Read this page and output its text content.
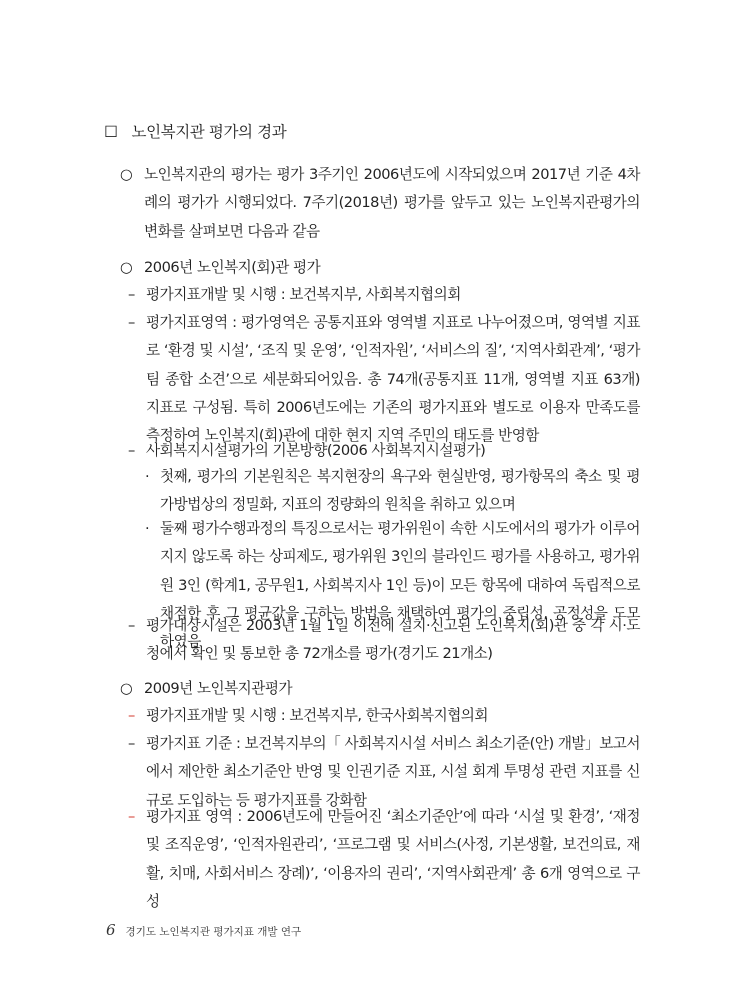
☐ 노인복지관 평가의 경과
○ 노인복지관의 평가는 평가 3주기인 2006년도에 시작되었으며 2017년 기준 4차례의 평가가 시행되었다. 7주기(2018년) 평가를 앞두고 있는 노인복지관평가의 변화를 살펴보면 다음과 같음
○ 2006년 노인복지(회)관 평가
– 평가지표개발 및 시행 : 보건복지부, 사회복지협의회
– 평가지표영역 : 평가영역은 공통지표와 영역별 지표로 나누어졌으며, 영역별 지표로 ‘환경 및 시설’, ‘조직 및 운영’, ‘인적자원’, ‘서비스의 질’, ‘지역사회관계’, ‘평가팀 종합 소견’으로 세분화되어있음. 총 74개(공통지표 11개, 영역별 지표 63개) 지표로 구성됨. 특히 2006년도에는 기존의 평가지표와 별도로 이용자 만족도를 측정하여 노인복지(회)관에 대한 현지 지역 주민의 태도를 반영함
– 사회복지시설평가의 기본방향(2006 사회복지시설평가)
· 첫째, 평가의 기본원칙은 복지현장의 욕구와 현실반영, 평가항목의 축소 및 평가방법상의 정밀화, 지표의 정량화의 원칙을 취하고 있으며
· 둘째 평가수행과정의 특징으로서는 평가위원이 속한 시도에서의 평가가 이루어지지 않도록 하는 상피제도, 평가위원 3인의 블라인드 평가를 사용하고, 평가위원 3인 (학계1, 공무원1, 사회복지사 1인 등)이 모든 항목에 대하여 독립적으로 채점한 후 그 평균값을 구하는 방법을 채택하여 평가의 중립성, 공정성을 도모하였음
– 평가대상시설은 2003년 1월 1일 이전에 설치·신고된 노인복지(회)관 중 각 시·도청에서 확인 및 통보한 총 72개소를 평가(경기도 21개소)
○ 2009년 노인복지관평가
– 평가지표개발 및 시행 : 보건복지부, 한국사회복지협의회
– 평가지표 기준 : 보건복지부의「 사회복지시설 서비스 최소기준(안) 개발」보고서에서 제안한 최소기준안 반영 및 인권기준 지표, 시설 회계 투명성 관련 지표를 신규로 도입하는 등 평가지표를 강화함
– 평가지표 영역 : 2006년도에 만들어진 ‘최소기준안’에 따라 ‘시설 및 환경’, ‘재정 및 조직운영’, ‘인적자원관리’, ‘프로그램 및 서비스(사정, 기본생활, 보건의료, 재활, 치매, 사회서비스 장례)’, ‘이용자의 권리’, ‘지역사회관계’ 총 6개 영역으로 구성
6 경기도 노인복지관 평가지표 개발 연구
